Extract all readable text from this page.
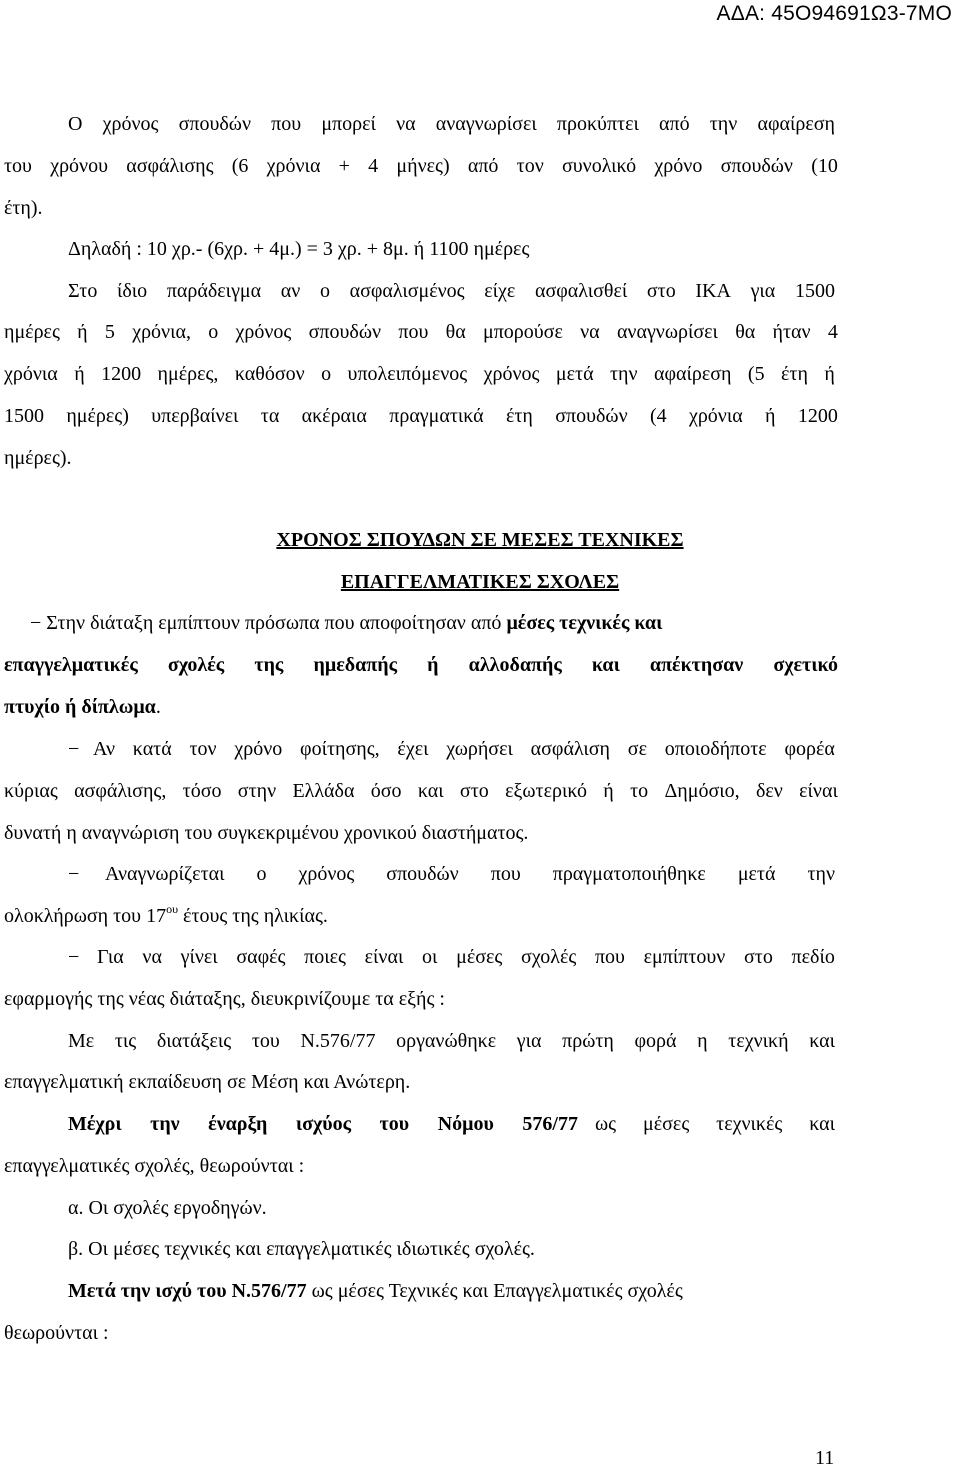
ΑΔΑ: 45Ο94691Ω3-7ΜΟ
Ο χρόνος σπουδών που μπορεί να αναγνωρίσει προκύπτει από την αφαίρεση
του χρόνου ασφάλισης (6 χρόνια + 4 μήνες) από τον συνολικό χρόνο σπουδών (10
έτη).
Δηλαδή : 10 χρ.- (6χρ. + 4μ.) = 3 χρ. + 8μ. ή 1100 ημέρες
Στο ίδιο παράδειγμα αν ο ασφαλισμένος είχε ασφαλισθεί στο ΙΚΑ για 1500
ημέρες ή 5 χρόνια, ο χρόνος σπουδών που θα μπορούσε να αναγνωρίσει θα ήταν 4
χρόνια ή 1200 ημέρες, καθόσον ο υπολειπόμενος χρόνος μετά την αφαίρεση (5 έτη ή
1500 ημέρες) υπερβαίνει τα ακέραια πραγματικά έτη σπουδών (4 χρόνια ή 1200
ημέρες).
ΧΡΟΝΟΣ ΣΠΟΥΔΩΝ ΣΕ ΜΕΣΕΣ ΤΕΧΝΙΚΕΣ
ΕΠΑΓΓΕΛΜΑΤΙΚΕΣ ΣΧΟΛΕΣ
− Στην διάταξη εμπίπτουν πρόσωπα που αποφοίτησαν από μέσες τεχνικές και
επαγγελματικές σχολές της ημεδαπής ή αλλοδαπής και απέκτησαν σχετικό
πτυχίο ή δίπλωμα.
− Αν κατά τον χρόνο φοίτησης, έχει χωρήσει ασφάλιση σε οποιοδήποτε φορέα
κύριας ασφάλισης, τόσο στην Ελλάδα όσο και στο εξωτερικό ή το Δημόσιο, δεν είναι
δυνατή η αναγνώριση του συγκεκριμένου χρονικού διαστήματος.
− Αναγνωρίζεται ο χρόνος σπουδών που πραγματοποιήθηκε μετά την
ολοκλήρωση του $17^{o\upsilon}$ έτους της ηλικίας.
− Για να γίνει σαφές ποιες είναι οι μέσες σχολές που εμπίπτουν στο πεδίο
εφαρμογής της νέας διάταξης, διευκρινίζουμε τα εξής :
Με τις διατάξεις του Ν.576/77 οργανώθηκε για πρώτη φορά η τεχνική και
επαγγελματική εκπαίδευση σε Μέση και Ανώτερη.
Μέχρι την έναρξη ισχύος του Νόμου 576/77 ως μέσες τεχνικές και
επαγγελματικές σχολές, θεωρούνται :
α. Οι σχολές εργοδηγών.
β. Οι μέσες τεχνικές και επαγγελματικές ιδιωτικές σχολές.
Μετά την ισχύ του Ν.576/77 ως μέσες Τεχνικές και Επαγγελματικές σχολές
θεωρούνται :
11
